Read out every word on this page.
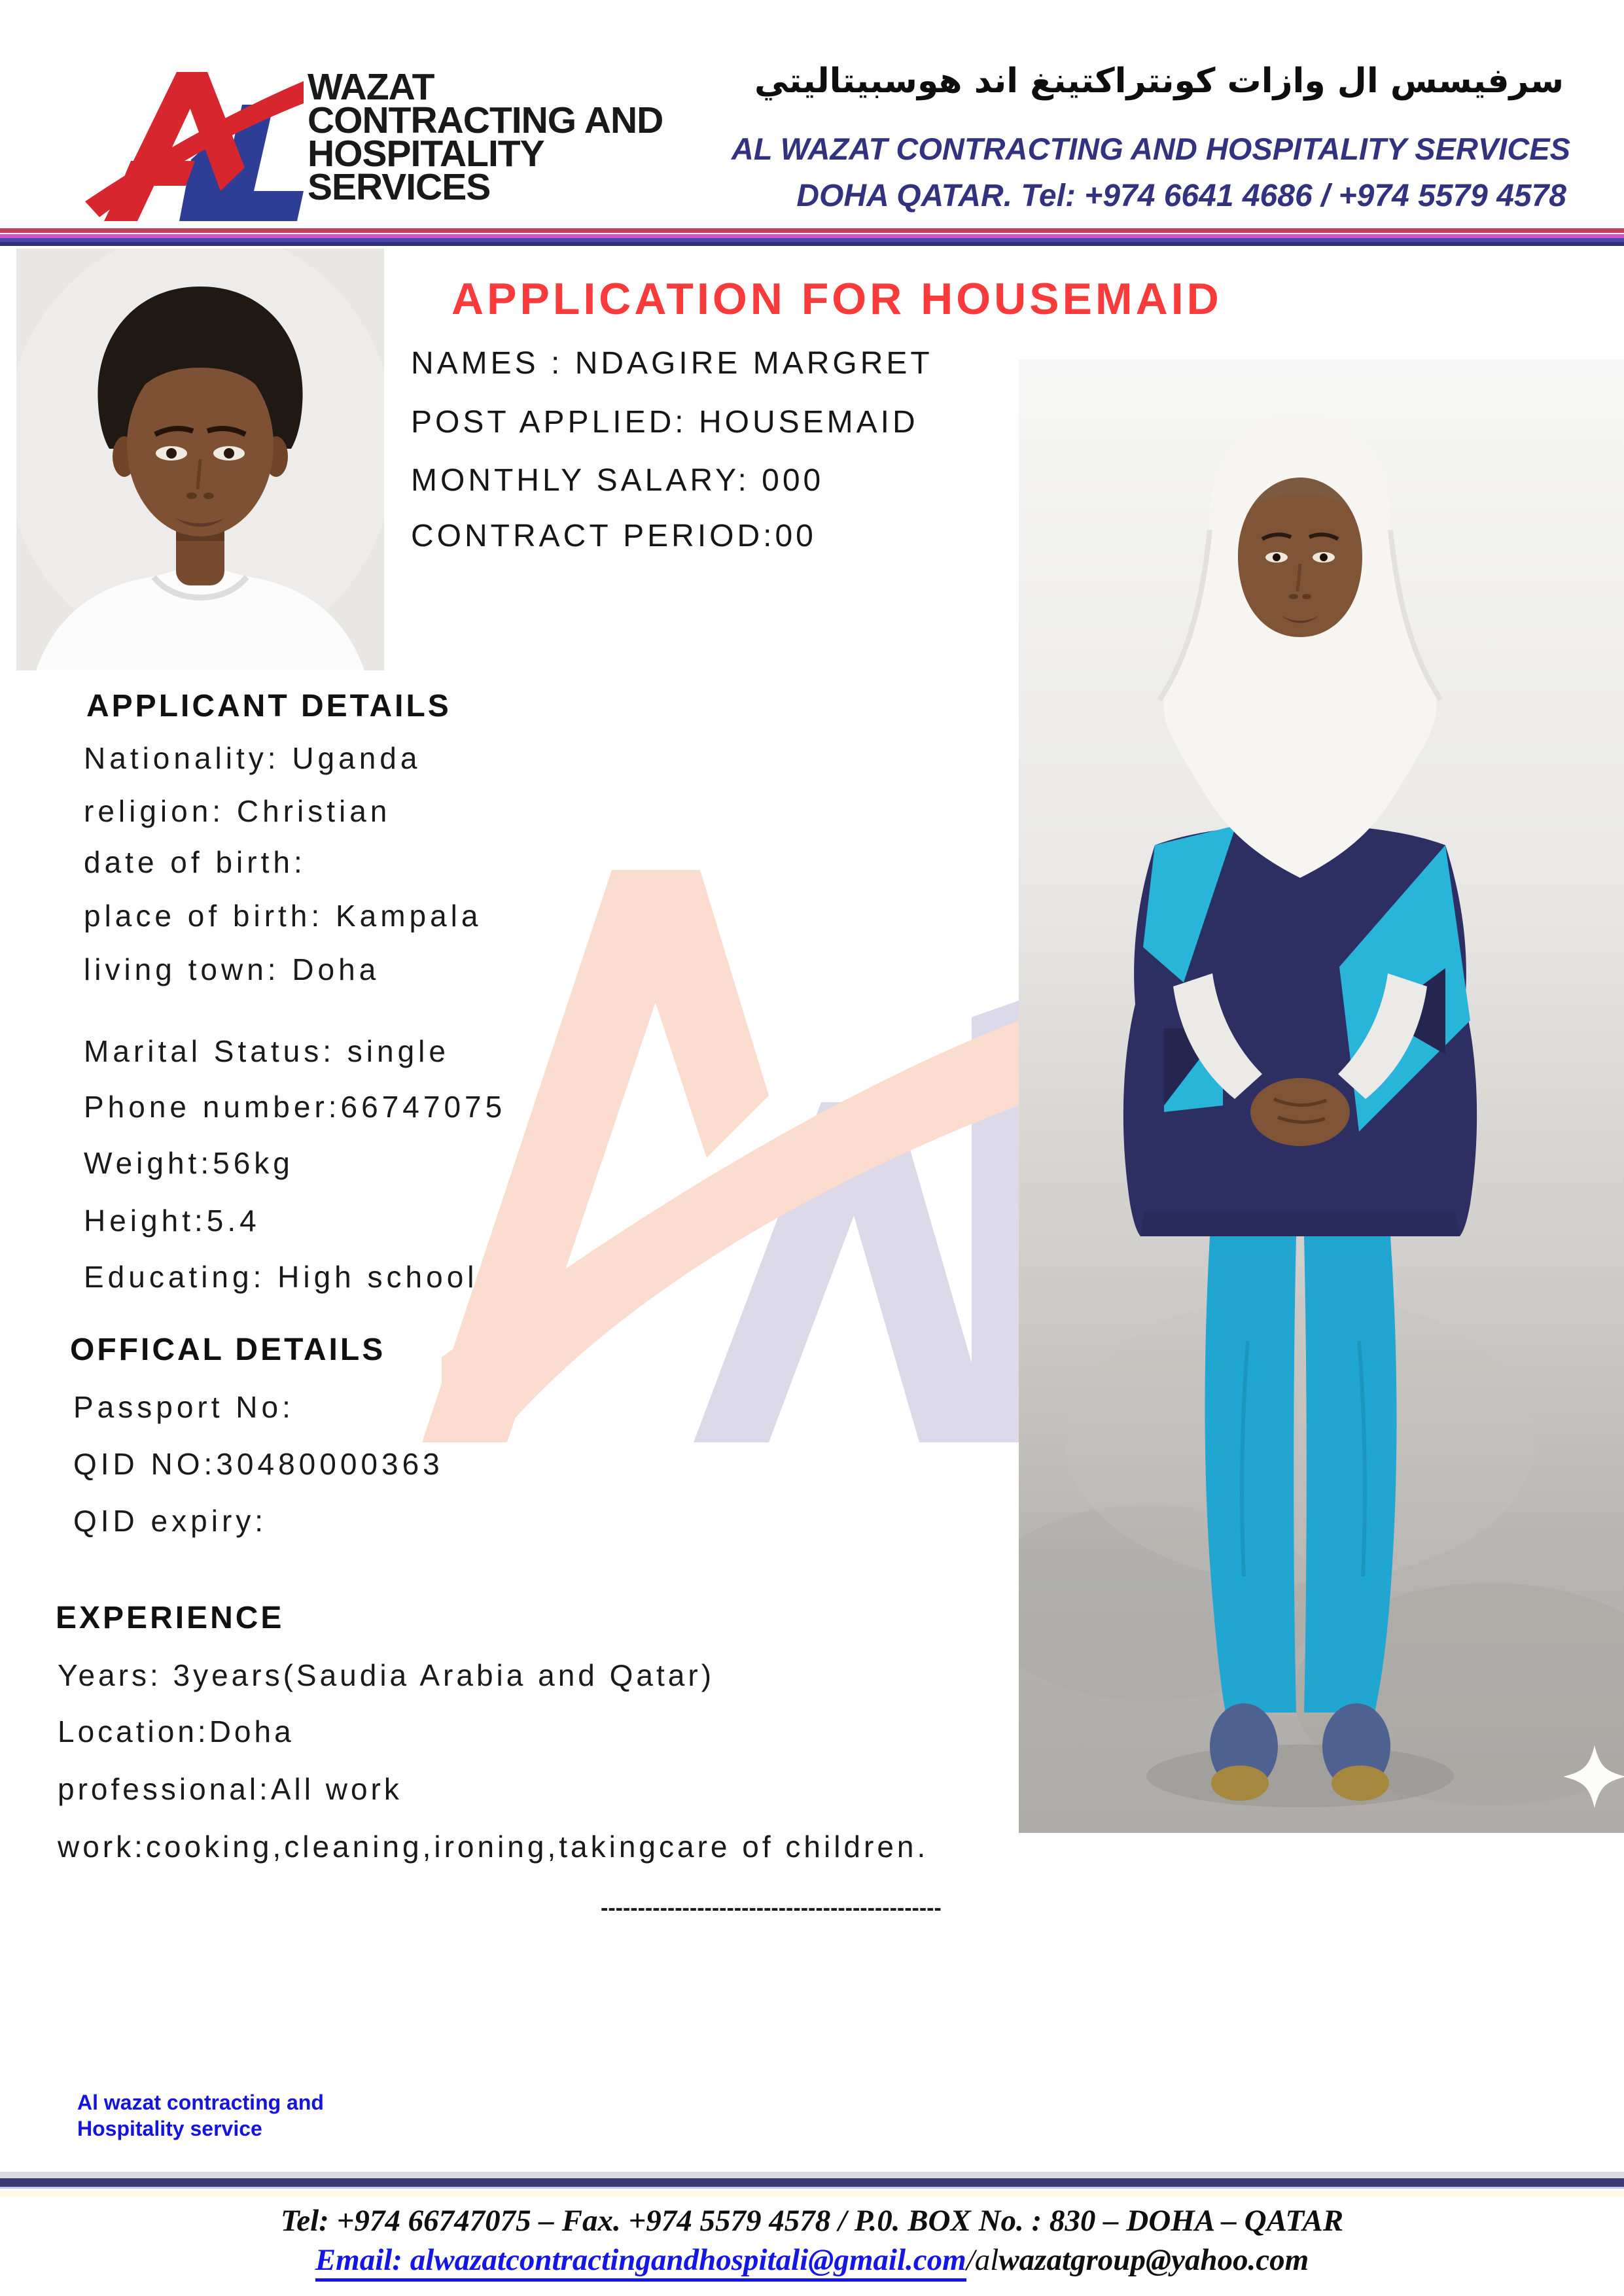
WAZAT
CONTRACTING AND
HOSPITALITY
SERVICES
سرفيسس ال وازات كونتراكتينغ اند هوسبيتاليتي
AL WAZAT CONTRACTING AND HOSPITALITY SERVICES
DOHA QATAR. Tel: +974 6641 4686 / +974 5579 4578
APPLICATION FOR HOUSEMAID
NAMES : NDAGIRE MARGRET
POST APPLIED: HOUSEMAID
MONTHLY SALARY: 000
CONTRACT PERIOD:00
APPLICANT DETAILS
Nationality: Uganda
religion: Christian
date of birth:
place of birth: Kampala
living town: Doha
Marital Status: single
Phone number:66747075
Weight:56kg
Height:5.4
Educating: High school
OFFICAL DETAILS
Passport No:
QID NO:30480000363
QID expiry:
EXPERIENCE
Years: 3years(Saudia Arabia and Qatar)
Location:Doha
professional:All work
work:cooking,cleaning,ironing,takingcare of children.
----------------------------------------------
Al wazat contracting and
Hospitality service
Tel: +974 66747075 – Fax. +974 5579 4578 / P.0. BOX No. : 830 – DOHA – QATAR
Email: alwazatcontractingandhospitali@gmail.com/alwazatgroup@yahoo.com
